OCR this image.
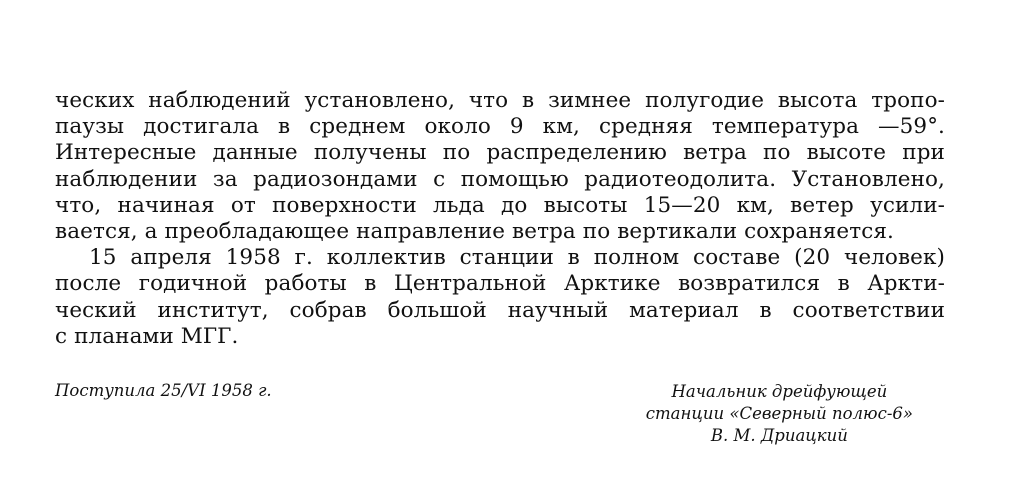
ческих наблюдений установлено, что в зимнее полугодие высота тропо-
паузы достигала в среднем около 9 км, средняя температура —59°.
Интересные данные получены по распределению ветра по высоте при
наблюдении за радиозондами с помощью радиотеодолита. Установлено,
что, начиная от поверхности льда до высоты 15—20 км, ветер усили-
вается, а преобладающее направление ветра по вертикали сохраняется.
15 апреля 1958 г. коллектив станции в полном составе (20 человек)
после годичной работы в Центральной Арктике возвратился в Аркти-
ческий институт, собрав большой научный материал в соответствии
с планами МГГ.
Поступила 25/VI 1958 г.	Начальник дрейфующей
станции «Северный полюс-6»
В. М. Дриацкий
